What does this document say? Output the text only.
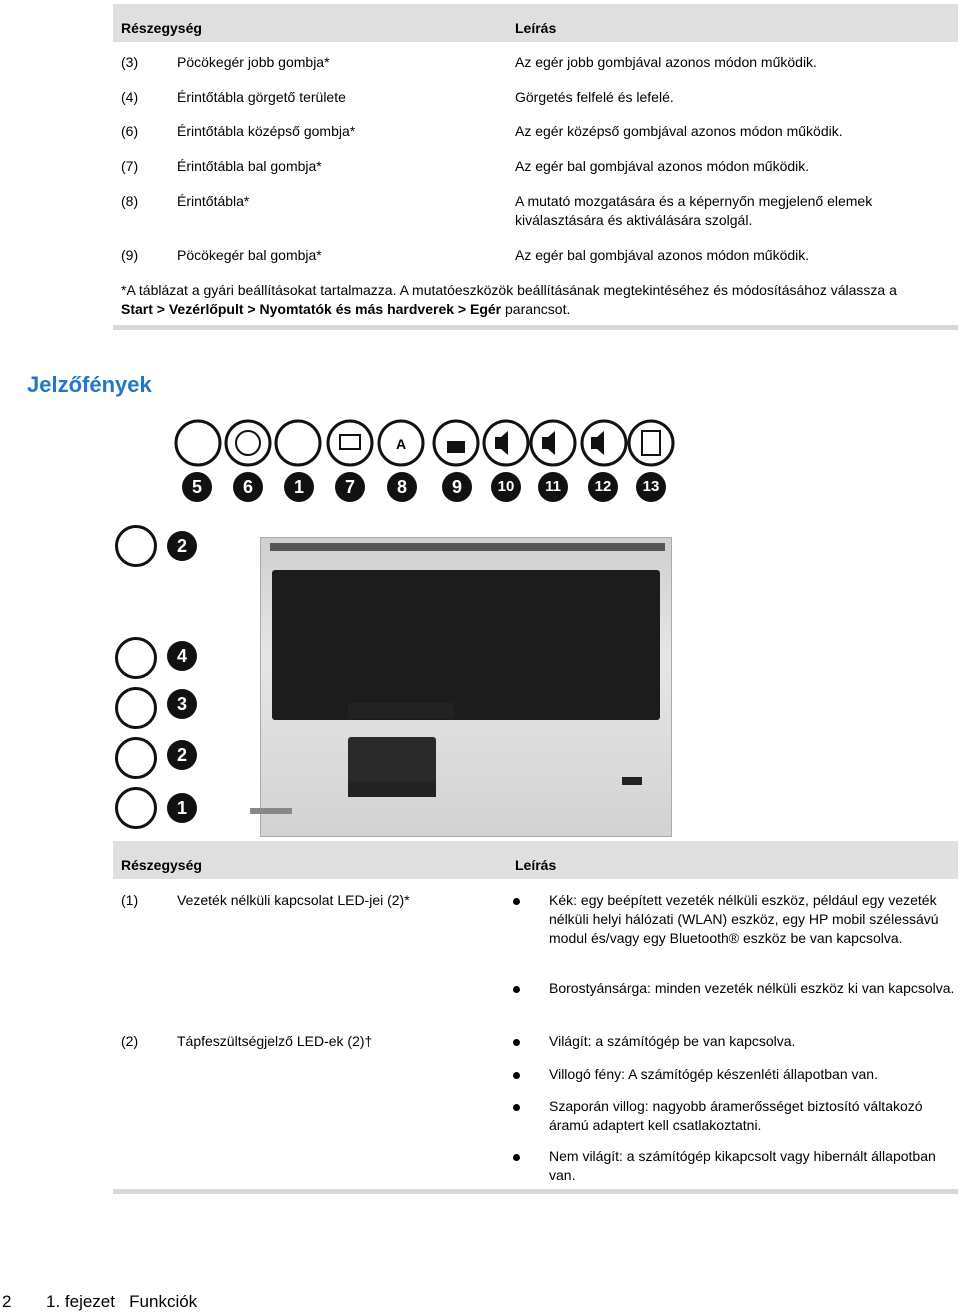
Részegység	Leírás
(3)	Pöcökegér jobb gombja*	Az egér jobb gombjával azonos módon működik.
(4)	Érintőtábla görgető területe	Görgetés felfelé és lefelé.
(6)	Érintőtábla középső gombja*	Az egér középső gombjával azonos módon működik.
(7)	Érintőtábla bal gombja*	Az egér bal gombjával azonos módon működik.
(8)	Érintőtábla*	A mutató mozgatására és a képernyőn megjelenő elemek kiválasztására és aktiválására szolgál.
(9)	Pöcökegér bal gombja*	Az egér bal gombjával azonos módon működik.
*A táblázat a gyári beállításokat tartalmazza. A mutatóeszközök beállításának megtekintéséhez és módosításához válassza a
Start > Vezérlőpult > Nyomtatók és más hardverek > Egér parancsot.
Jelzőfények
A
5	6	1	7	8	9	10	11	12	13
2
4
3
2
1
Részegység	Leírás
(1)	Vezeték nélküli kapcsolat LED-jei (2)*	Kék: egy beépített vezeték nélküli eszköz, például egy vezeték nélküli helyi hálózati (WLAN) eszköz, egy HP mobil szélessávú modul és/vagy egy Bluetooth® eszköz be van kapcsolva.
Borostyánsárga: minden vezeték nélküli eszköz ki van kapcsolva.
(2)	Tápfeszültségjelző LED-ek (2)†	Világít: a számítógép be van kapcsolva.
Villogó fény: A számítógép készenléti állapotban van.
Szaporán villog: nagyobb áramerősséget biztosító váltakozó áramú adaptert kell csatlakoztatni.
Nem világít: a számítógép kikapcsolt vagy hibernált állapotban van.
2 1. fejezet   Funkciók
